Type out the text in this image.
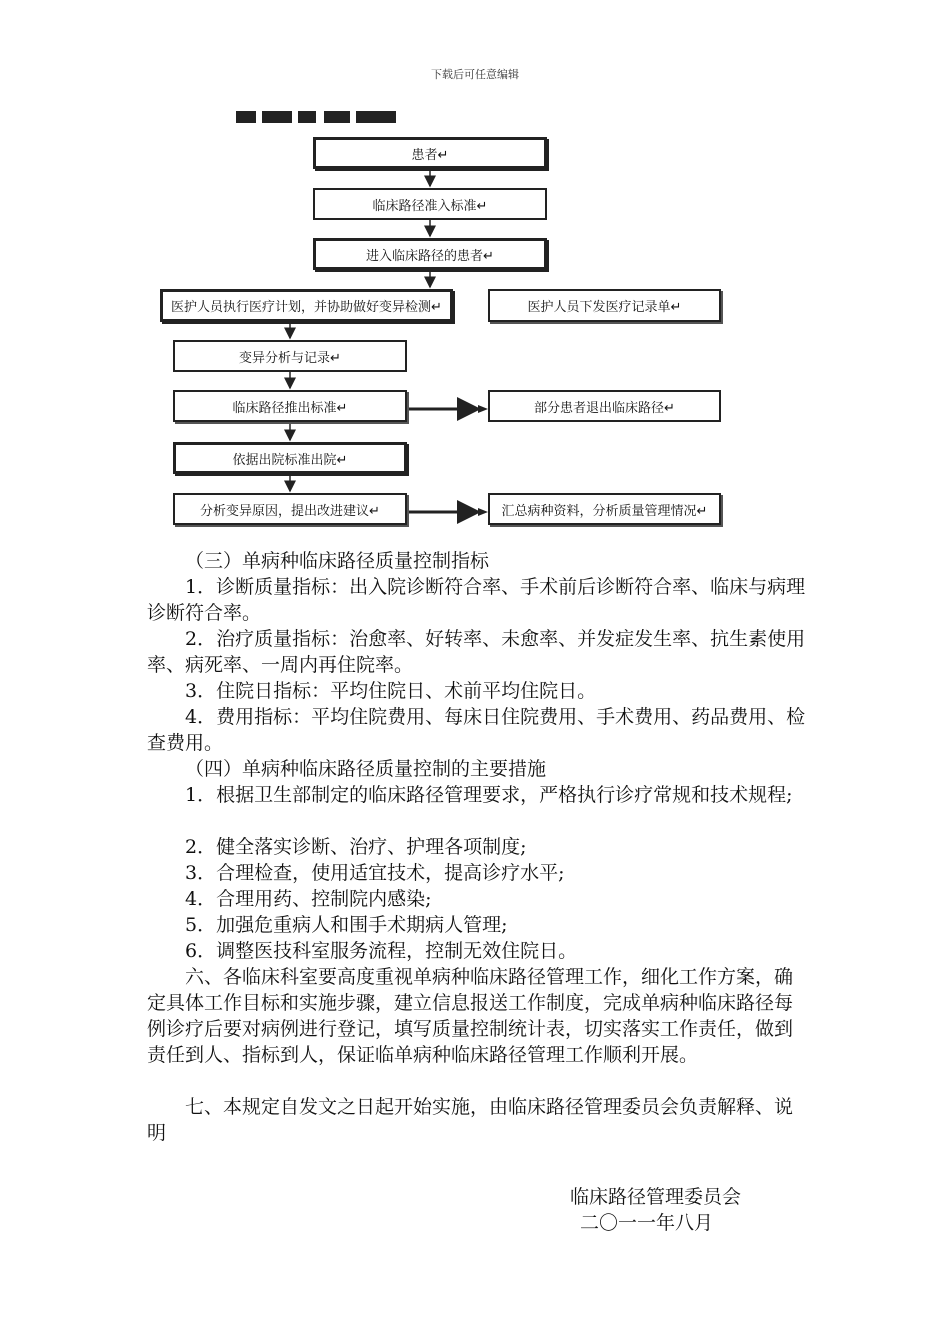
下载后可任意编辑
患者↵
临床路径准入标准↵
进入临床路径的患者↵
医护人员执行医疗计划，并协助做好变异检测↵	医护人员下发医疗记录单↵
变异分析与记录↵
临床路径推出标准↵	部分患者退出临床路径↵
依据出院标准出院↵
分析变异原因，提出改进建议↵	汇总病种资料，分析质量管理情况↵

（三）单病种临床路径质量控制指标

1．诊断质量指标：出入院诊断符合率、手术前后诊断符合率、临床与病理诊断符合率。

2．治疗质量指标：治愈率、好转率、未愈率、并发症发生率、抗生素使用率、病死率、一周内再住院率。

3．住院日指标：平均住院日、术前平均住院日。

4．费用指标：平均住院费用、每床日住院费用、手术费用、药品费用、检查费用。

（四）单病种临床路径质量控制的主要措施

1．根据卫生部制定的临床路径管理要求，严格执行诊疗常规和技术规程;

2．健全落实诊断、治疗、护理各项制度;

3．合理检查，使用适宜技术，提高诊疗水平;

4．合理用药、控制院内感染;

5．加强危重病人和围手术期病人管理;

6．调整医技科室服务流程，控制无效住院日。

六、各临床科室要高度重视单病种临床路径管理工作，细化工作方案，确定具体工作目标和实施步骤，建立信息报送工作制度，完成单病种临床路径每例诊疗后要对病例进行登记，填写质量控制统计表，切实落实工作责任，做到责任到人、指标到人，保证临单病种临床路径管理工作顺利开展。

七、本规定自发文之日起开始实施，由临床路径管理委员会负责解释、说明

临床路径管理委员会
二〇一一年八月
